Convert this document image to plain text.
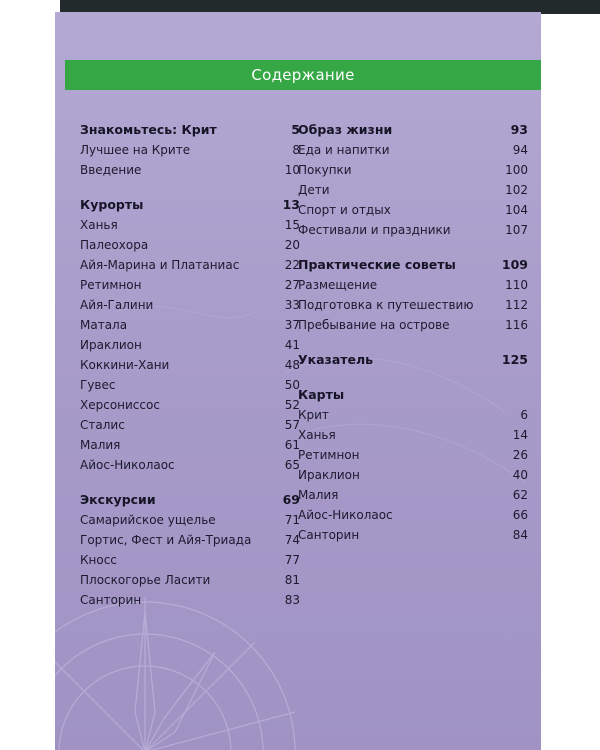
Содержание
Знакомьтесь: Крит	5
Лучшее на Крите	8
Введение	10
Курорты	13
Ханья	15
Палеохора	20
Айя-Марина и Платаниас	22
Ретимнон	27
Айя-Галини	33
Матала	37
Ираклион	41
Коккини-Хани	48
Гувес	50
Херсониссос	52
Сталис	57
Малия	61
Айос-Николаос	65
Экскурсии	69
Самарийское ущелье	71
Гортис, Фест и Айя-Триада	74
Кносс	77
Плоскогорье Ласити	81
Санторин	83
Образ жизни	93
Еда и напитки	94
Покупки	100
Дети	102
Спорт и отдых	104
Фестивали и праздники	107
Практические советы	109
Размещение	110
Подготовка к путешествию	112
Пребывание на острове	116
Указатель	125
Карты
Крит	6
Ханья	14
Ретимнон	26
Ираклион	40
Малия	62
Айос-Николаос	66
Санторин	84
